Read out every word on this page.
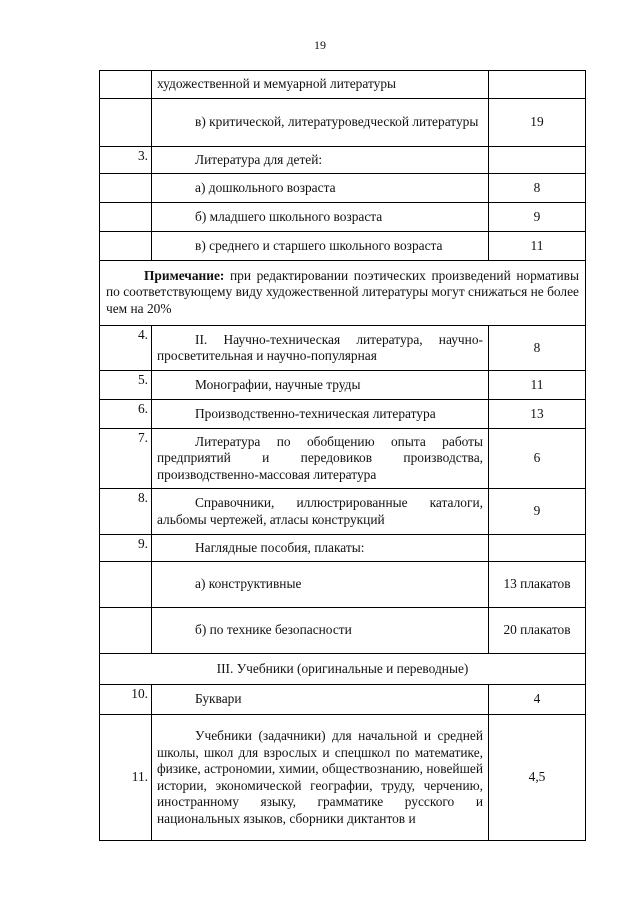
19
	художественной и мемуарной литературы	
	в) критической, литературоведческой литературы	19
3.	Литература для детей:	
	а) дошкольного возраста	8
	б) младшего школьного возраста	9
	в) среднего и старшего школьного возраста	11
Примечание: при редактировании поэтических произведений нормативы по соответствующему виду художественной литературы могут снижаться не более чем на 20%		
4.	II. Научно-техническая литература, научно-просветительная и научно-популярная	8
5.	Монографии, научные труды	11
6.	Производственно-техническая литература	13
7.	Литература по обобщению опыта работы предприятий и передовиков производства, производственно-массовая литература	6
8.	Справочники, иллюстрированные каталоги, альбомы чертежей, атласы конструкций	9
9.	Наглядные пособия, плакаты:	
	а) конструктивные	13 плакатов
	б) по технике безопасности	20 плакатов
III. Учебники (оригинальные и переводные)		
10.	Буквари	4
11.	Учебники (задачники) для начальной и средней школы, школ для взрослых и спецшкол по математике, физике, астрономии, химии, обществознанию, новейшей истории, экономической географии, труду, черчению, иностранному языку, грамматике русского и национальных языков, сборники диктантов и	4,5
